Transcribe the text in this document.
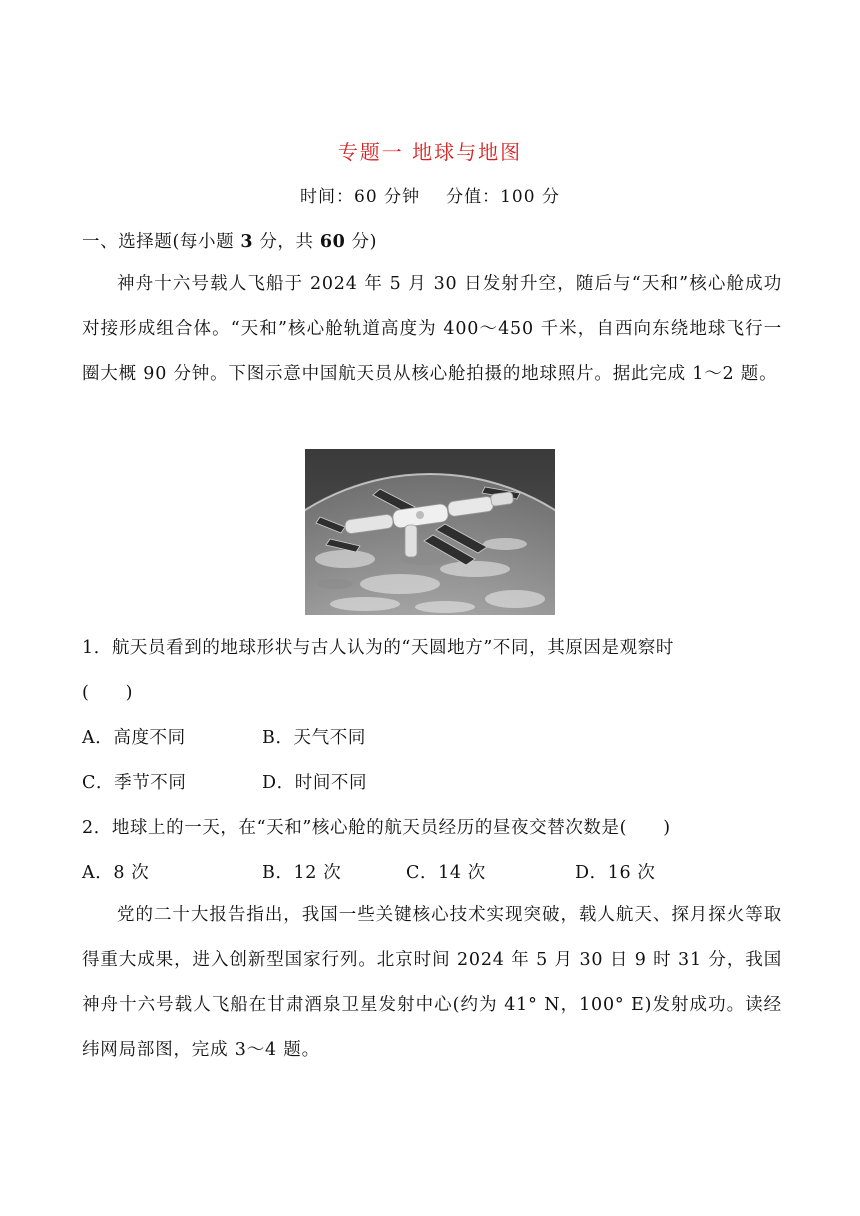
专题一 地球与地图
时间：60 分钟 分值：100 分
一、选择题(每小题 3 分，共 60 分)
神舟十六号载人飞船于 2024 年 5 月 30 日发射升空，随后与“天和”核心舱成功对接形成组合体。“天和”核心舱轨道高度为 400～450 千米，自西向东绕地球飞行一圈大概 90 分钟。下图示意中国航天员从核心舱拍摄的地球照片。据此完成 1～2 题。
1．航天员看到的地球形状与古人认为的“天圆地方”不同，其原因是观察时
(　　)
A．高度不同	B．天气不同
C．季节不同	D．时间不同
2．地球上的一天，在“天和”核心舱的航天员经历的昼夜交替次数是(　　)
A．8 次	B．12 次	C．14 次	D．16 次
党的二十大报告指出，我国一些关键核心技术实现突破，载人航天、探月探火等取得重大成果，进入创新型国家行列。北京时间 2024 年 5 月 30 日 9 时 31 分，我国神舟十六号载人飞船在甘肃酒泉卫星发射中心(约为 41° N，100° E)发射成功。读经纬网局部图，完成 3～4 题。
